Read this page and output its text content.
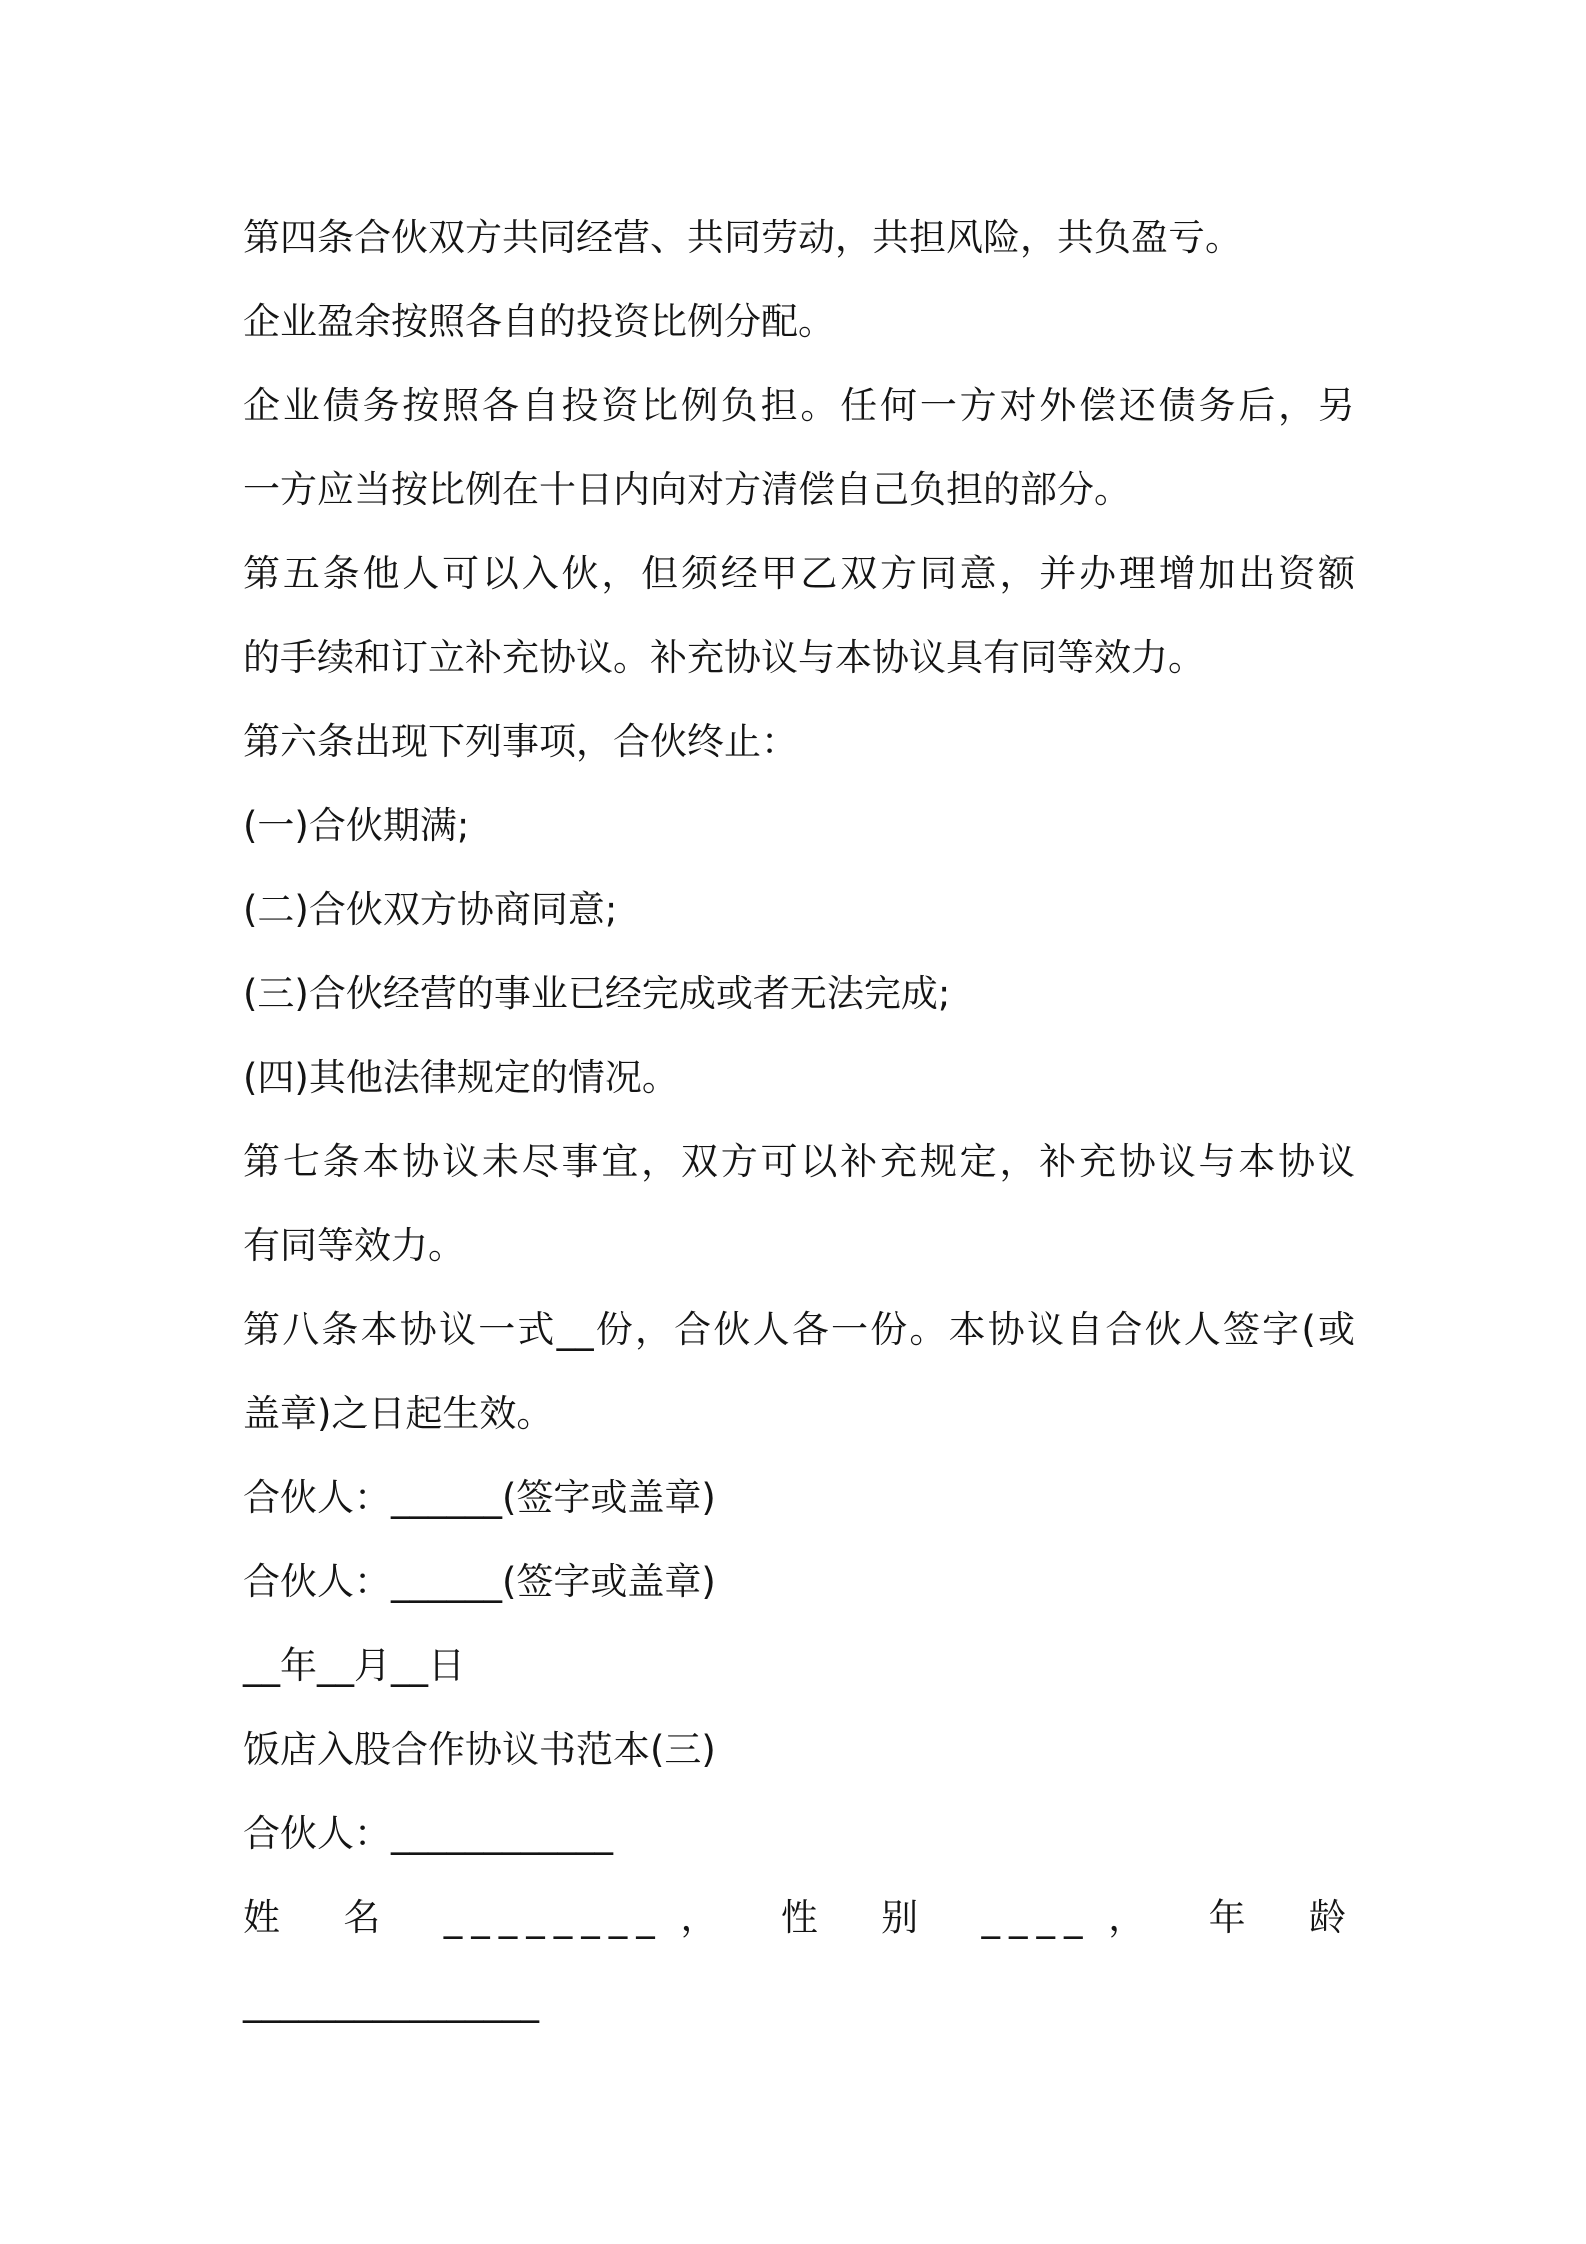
第四条合伙双方共同经营、共同劳动，共担风险，共负盈亏。
企业盈余按照各自的投资比例分配。
企业债务按照各自投资比例负担。任何一方对外偿还债务后，另
一方应当按比例在十日内向对方清偿自己负担的部分。
第五条他人可以入伙，但须经甲乙双方同意，并办理增加出资额
的手续和订立补充协议。补充协议与本协议具有同等效力。
第六条出现下列事项，合伙终止：
(一)合伙期满;
(二)合伙双方协商同意;
(三)合伙经营的事业已经完成或者无法完成;
(四)其他法律规定的情况。
第七条本协议未尽事宜，双方可以补充规定，补充协议与本协议
有同等效力。
第八条本协议一式__份，合伙人各一份。本协议自合伙人签字(或
盖章)之日起生效。
合伙人：______(签字或盖章)
合伙人：______(签字或盖章)
__年__月__日
饭店入股合作协议书范本(三)
合伙人：____________
姓 名 ________， 性 别 ____， 年 龄
________________
